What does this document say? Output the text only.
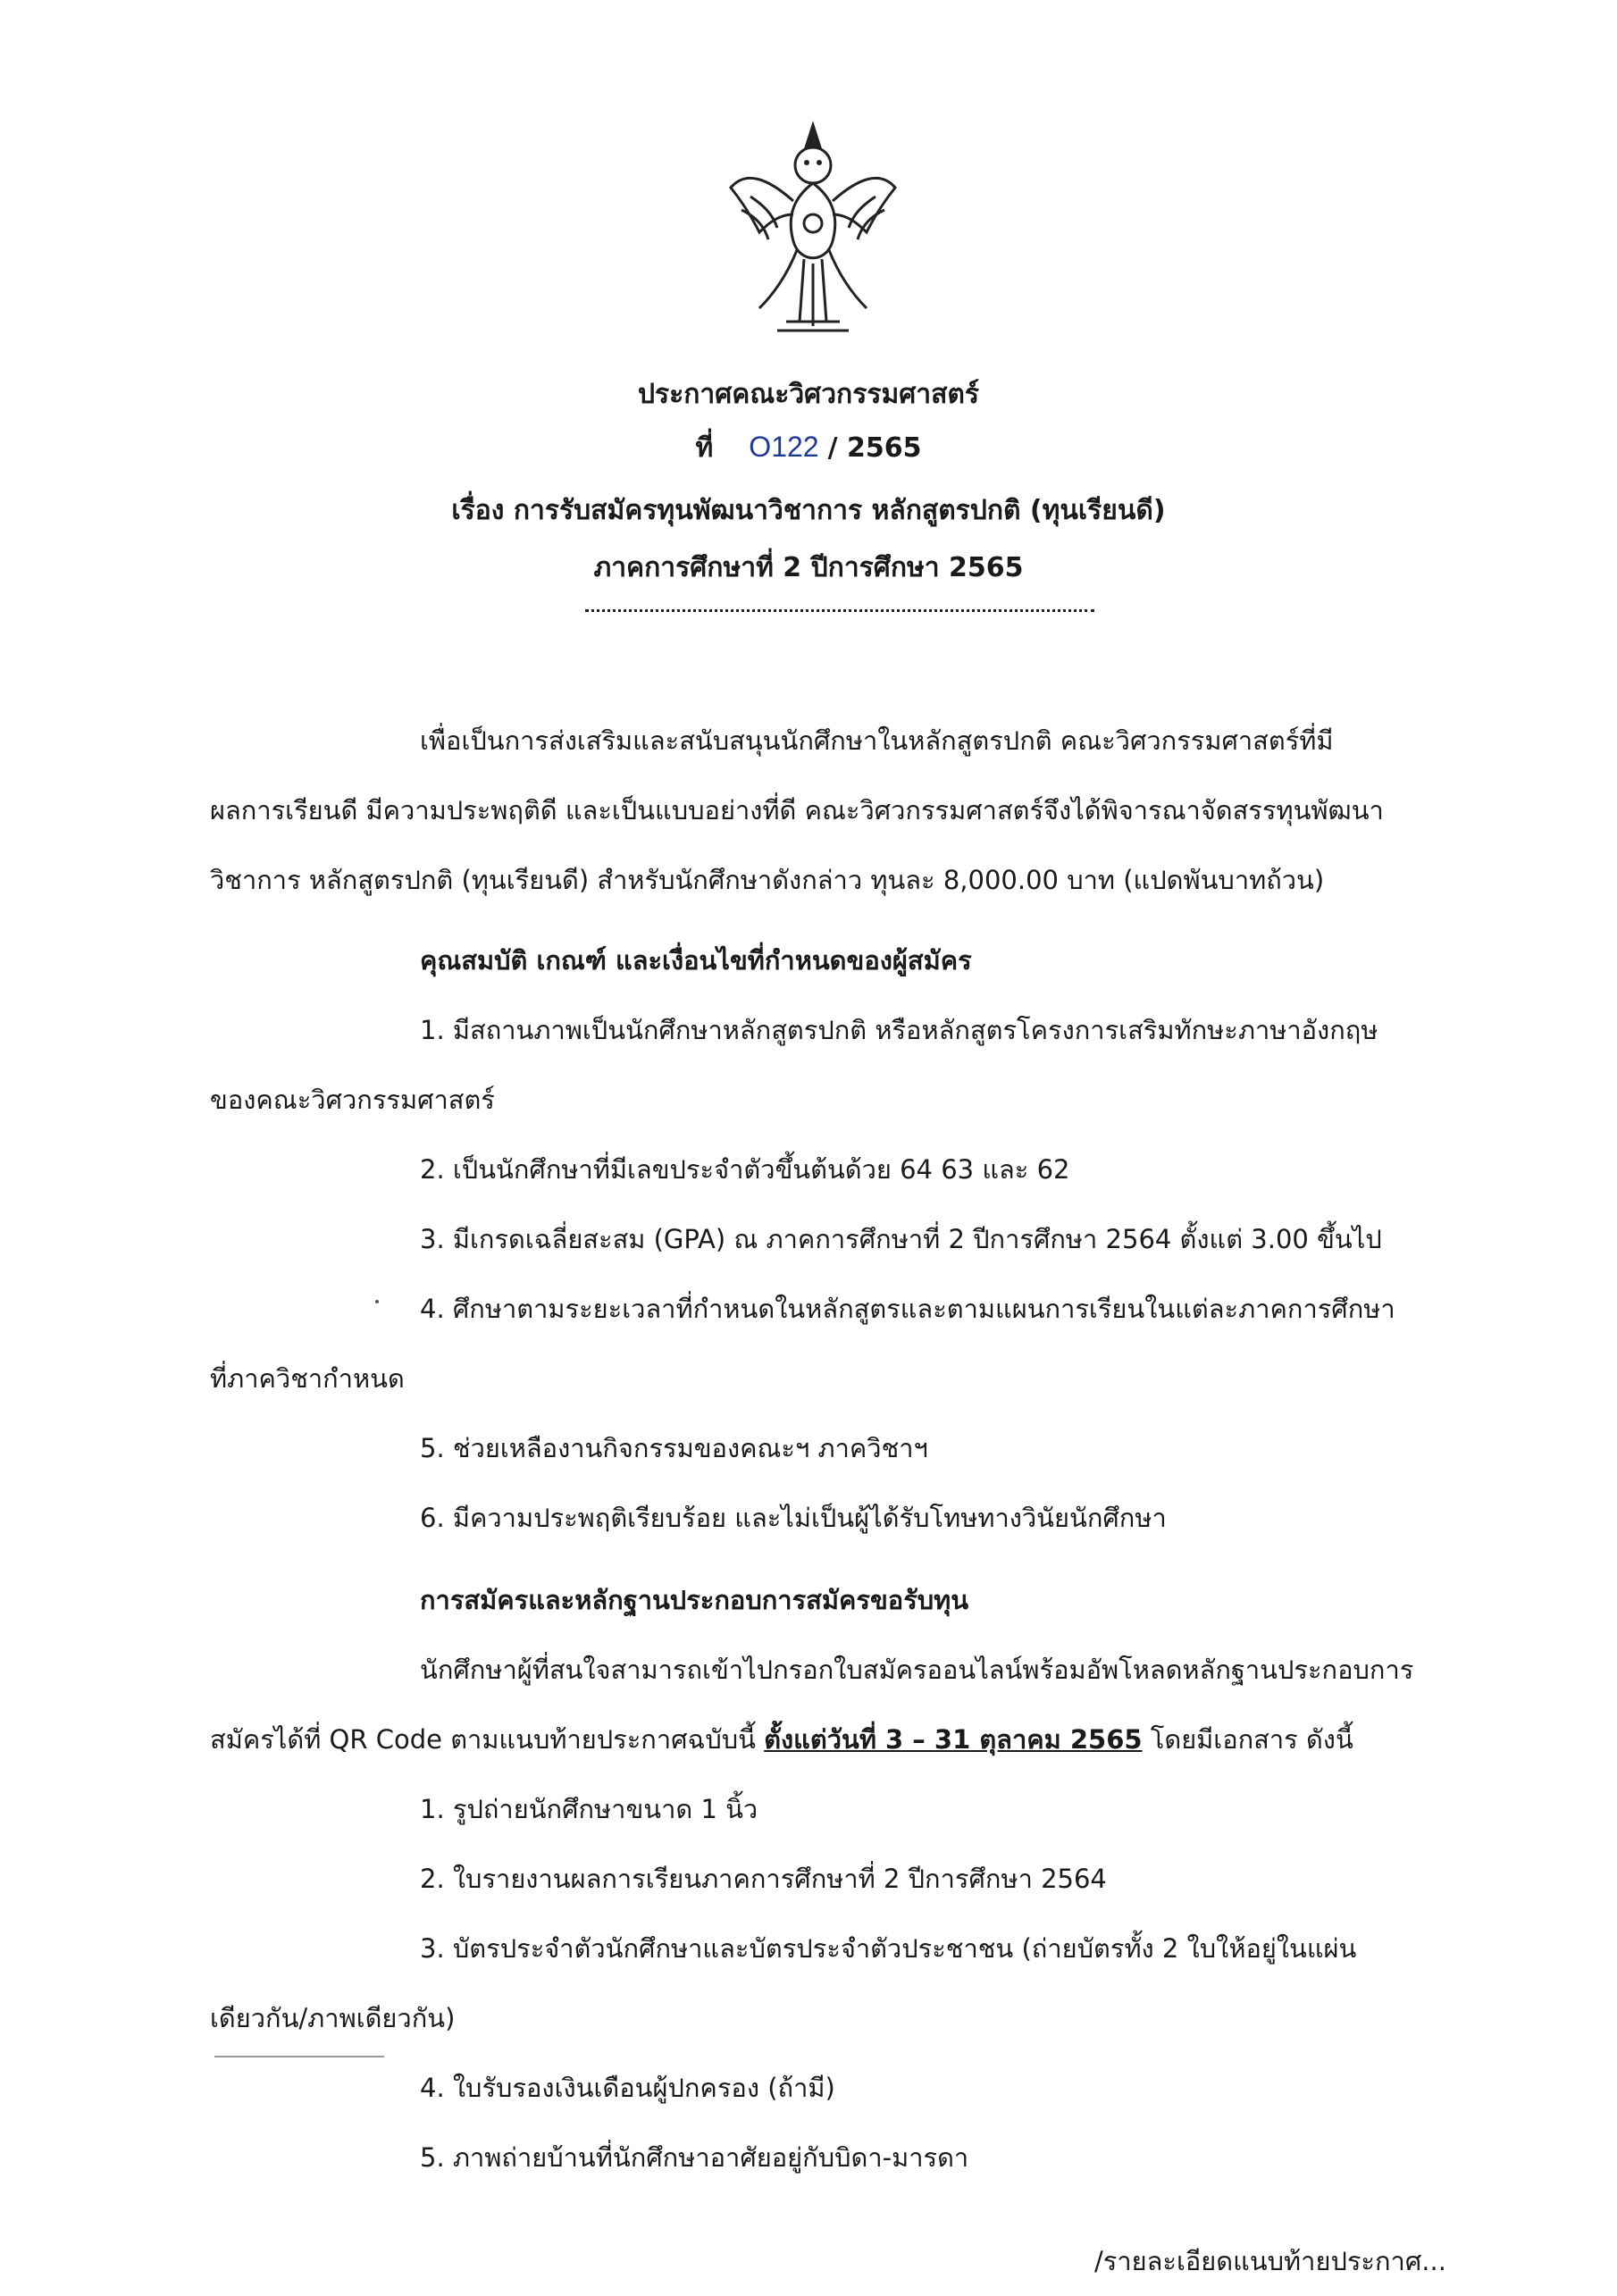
ประกาศคณะวิศวกรรมศาสตร์
ที่ O122 / 2565
เรื่อง การรับสมัครทุนพัฒนาวิชาการ หลักสูตรปกติ (ทุนเรียนดี)
ภาคการศึกษาที่ 2 ปีการศึกษา 2565
เพื่อเป็นการส่งเสริมและสนับสนุนนักศึกษาในหลักสูตรปกติ คณะวิศวกรรมศาสตร์ที่มี
ผลการเรียนดี มีความประพฤติดี และเป็นแบบอย่างที่ดี คณะวิศวกรรมศาสตร์จึงได้พิจารณาจัดสรรทุนพัฒนา
วิชาการ หลักสูตรปกติ (ทุนเรียนดี) สำหรับนักศึกษาดังกล่าว ทุนละ 8,000.00 บาท (แปดพันบาทถ้วน)
คุณสมบัติ เกณฑ์ และเงื่อนไขที่กำหนดของผู้สมัคร
1. มีสถานภาพเป็นนักศึกษาหลักสูตรปกติ หรือหลักสูตรโครงการเสริมทักษะภาษาอังกฤษ
ของคณะวิศวกรรมศาสตร์
2. เป็นนักศึกษาที่มีเลขประจำตัวขึ้นต้นด้วย 64 63 และ 62
3. มีเกรดเฉลี่ยสะสม (GPA) ณ ภาคการศึกษาที่ 2 ปีการศึกษา 2564 ตั้งแต่ 3.00 ขึ้นไป
4. ศึกษาตามระยะเวลาที่กำหนดในหลักสูตรและตามแผนการเรียนในแต่ละภาคการศึกษา
ที่ภาควิชากำหนด
5. ช่วยเหลืองานกิจกรรมของคณะฯ ภาควิชาฯ
6. มีความประพฤติเรียบร้อย และไม่เป็นผู้ได้รับโทษทางวินัยนักศึกษา
การสมัครและหลักฐานประกอบการสมัครขอรับทุน
นักศึกษาผู้ที่สนใจสามารถเข้าไปกรอกใบสมัครออนไลน์พร้อมอัพโหลดหลักฐานประกอบการ
สมัครได้ที่ QR Code ตามแนบท้ายประกาศฉบับนี้ ตั้งแต่วันที่ 3 – 31 ตุลาคม 2565 โดยมีเอกสาร ดังนี้
1. รูปถ่ายนักศึกษาขนาด 1 นิ้ว
2. ใบรายงานผลการเรียนภาคการศึกษาที่ 2 ปีการศึกษา 2564
3. บัตรประจำตัวนักศึกษาและบัตรประจำตัวประชาชน (ถ่ายบัตรทั้ง 2 ใบให้อยู่ในแผ่น
เดียวกัน/ภาพเดียวกัน)
4. ใบรับรองเงินเดือนผู้ปกครอง (ถ้ามี)
5. ภาพถ่ายบ้านที่นักศึกษาอาศัยอยู่กับบิดา-มารดา
/รายละเอียดแนบท้ายประกาศ...
